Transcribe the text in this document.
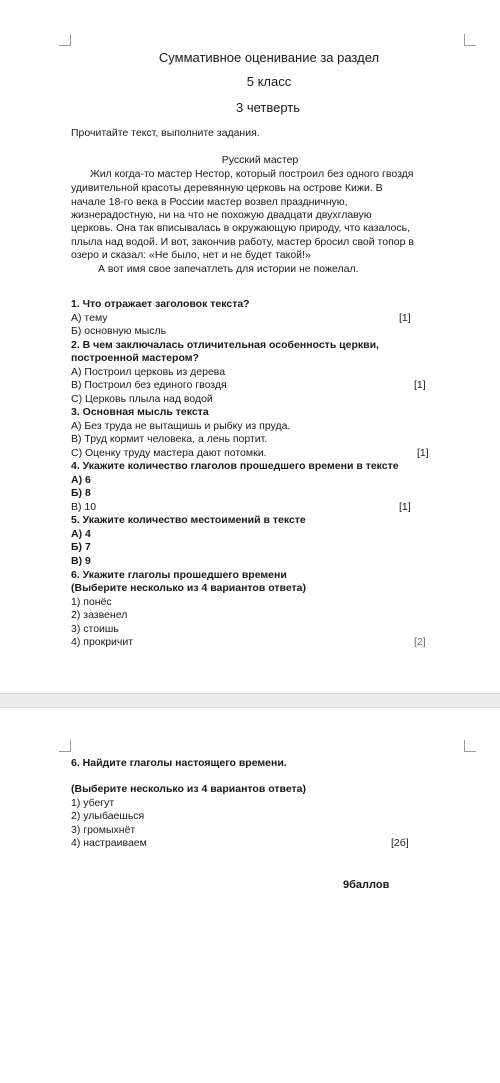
Суммативное оценивание за раздел
5 класс
3 четверть
Прочитайте текст, выполните задания.
Русский мастер
Жил когда-то мастер Нестор, который построил без одного гвоздя
удивительной красоты деревянную церковь на острове Кижи. В
начале 18-го века в России мастер возвел праздничную,
жизнерадостную, ни на что не похожую двадцати двухглавую
церковь. Она так вписывалась в окружающую природу, что казалось,
плыла над водой. И вот, закончив работу, мастер бросил свой топор в
озеро и сказал: «Не было, нет и не будет такой!»
А вот имя свое запечатлеть для истории не пожелал.
1. Что отражает заголовок текста?
А) тему	[1]
Б) основную мысль
2. В чем заключалась отличительная особенность церкви,
построенной мастером?
А) Построил церковь из дерева
В) Построил без единого гвоздя	[1]
С) Церковь плыла над водой
3. Основная мысль текста
А) Без труда не вытащишь и рыбку из пруда.
В) Труд кормит человека, а лень портит.
С) Оценку труду мастера дают потомки.	[1]
4. Укажите количество глаголов прошедшего времени в тексте
А) 6
Б) 8
В) 10	[1]
5. Укажите количество местоимений в тексте
А) 4
Б) 7
В) 9
6. Укажите глаголы прошедшего времени
(Выберите несколько из 4 вариантов ответа)
1) понёс
2) зазвенел
3) стоишь
4) прокричит	[2]
6. Найдите глаголы настоящего времени.
(Выберите несколько из 4 вариантов ответа)
1) убегут
2) улыбаешься
3) громыхнёт
4) настраиваем	[2б]
9баллов
